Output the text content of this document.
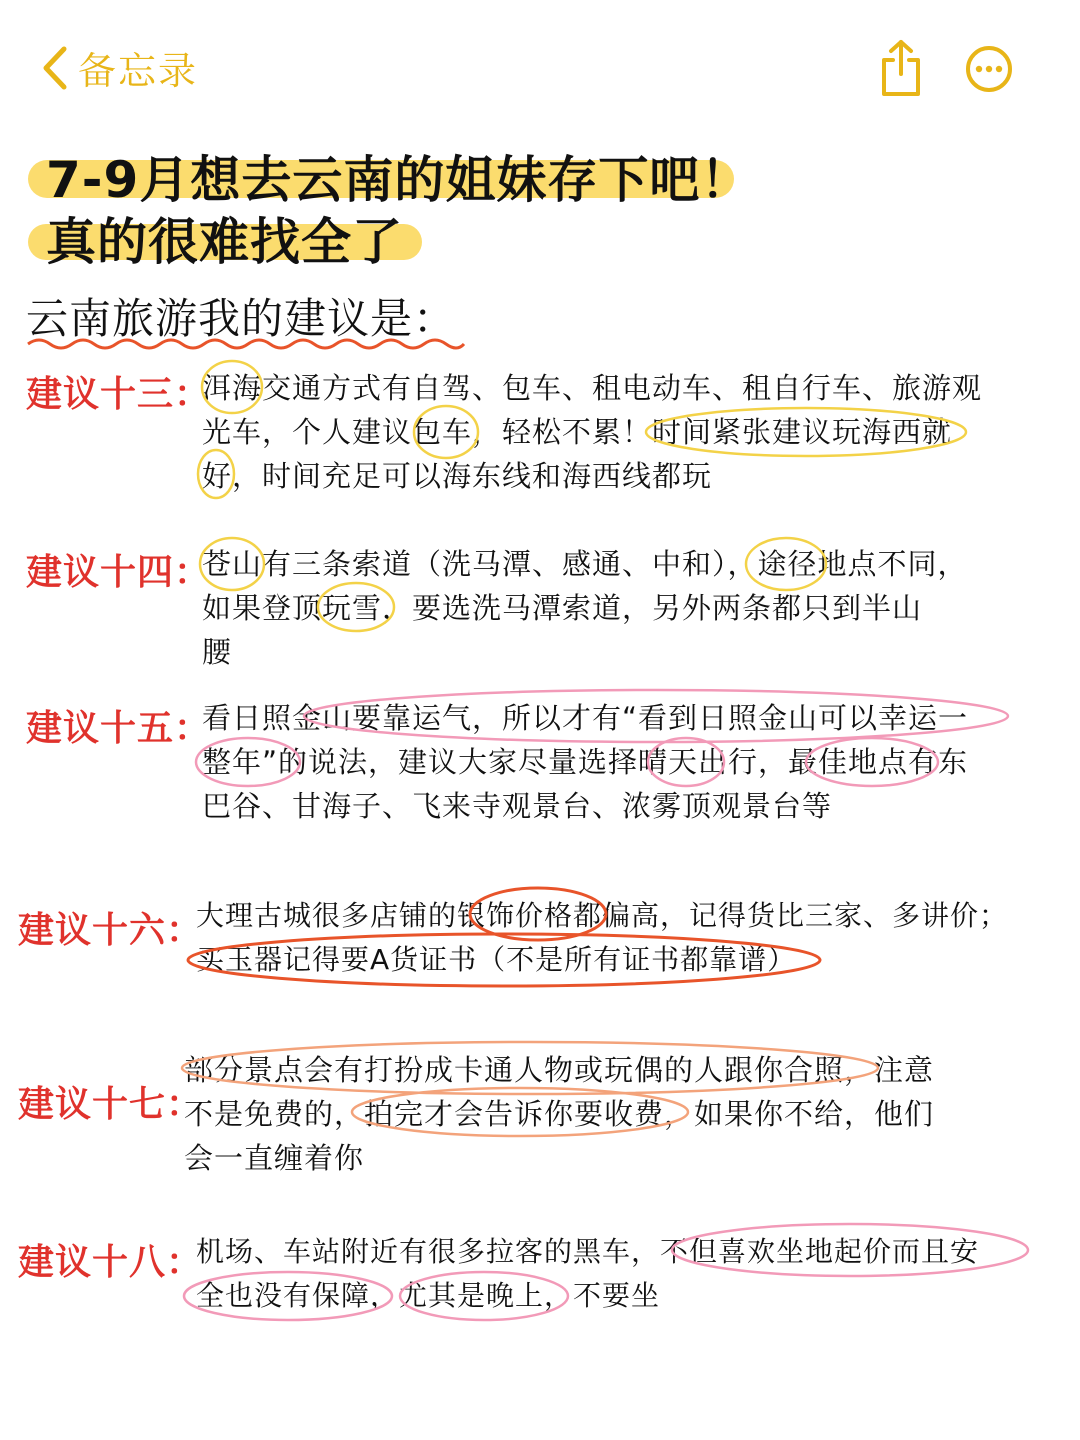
备忘录
7-9月想去云南的姐妹存下吧！
真的很难找全了
云南旅游我的建议是：
建议十三：
洱海交通方式有自驾、包车、租电动车、租自行车、旅游观
光车，个人建议包车，轻松不累！时间紧张建议玩海西就
好，时间充足可以海东线和海西线都玩
建议十四：
苍山有三条索道（洗马潭、感通、中和），途径地点不同，
如果登顶玩雪，要选洗马潭索道，另外两条都只到半山
腰
建议十五：
看日照金山要靠运气，所以才有“看到日照金山可以幸运一
整年”的说法，建议大家尽量选择晴天出行，最佳地点有东
巴谷、甘海子、飞来寺观景台、浓雾顶观景台等
建议十六：
大理古城很多店铺的银饰价格都偏高，记得货比三家、多讲价；
买玉器记得要A货证书（不是所有证书都靠谱）
建议十七：
部分景点会有打扮成卡通人物或玩偶的人跟你合照，注意
不是免费的，拍完才会告诉你要收费，如果你不给，他们
会一直缠着你
建议十八：
机场、车站附近有很多拉客的黑车，不但喜欢坐地起价而且安
全也没有保障，尤其是晚上，不要坐
